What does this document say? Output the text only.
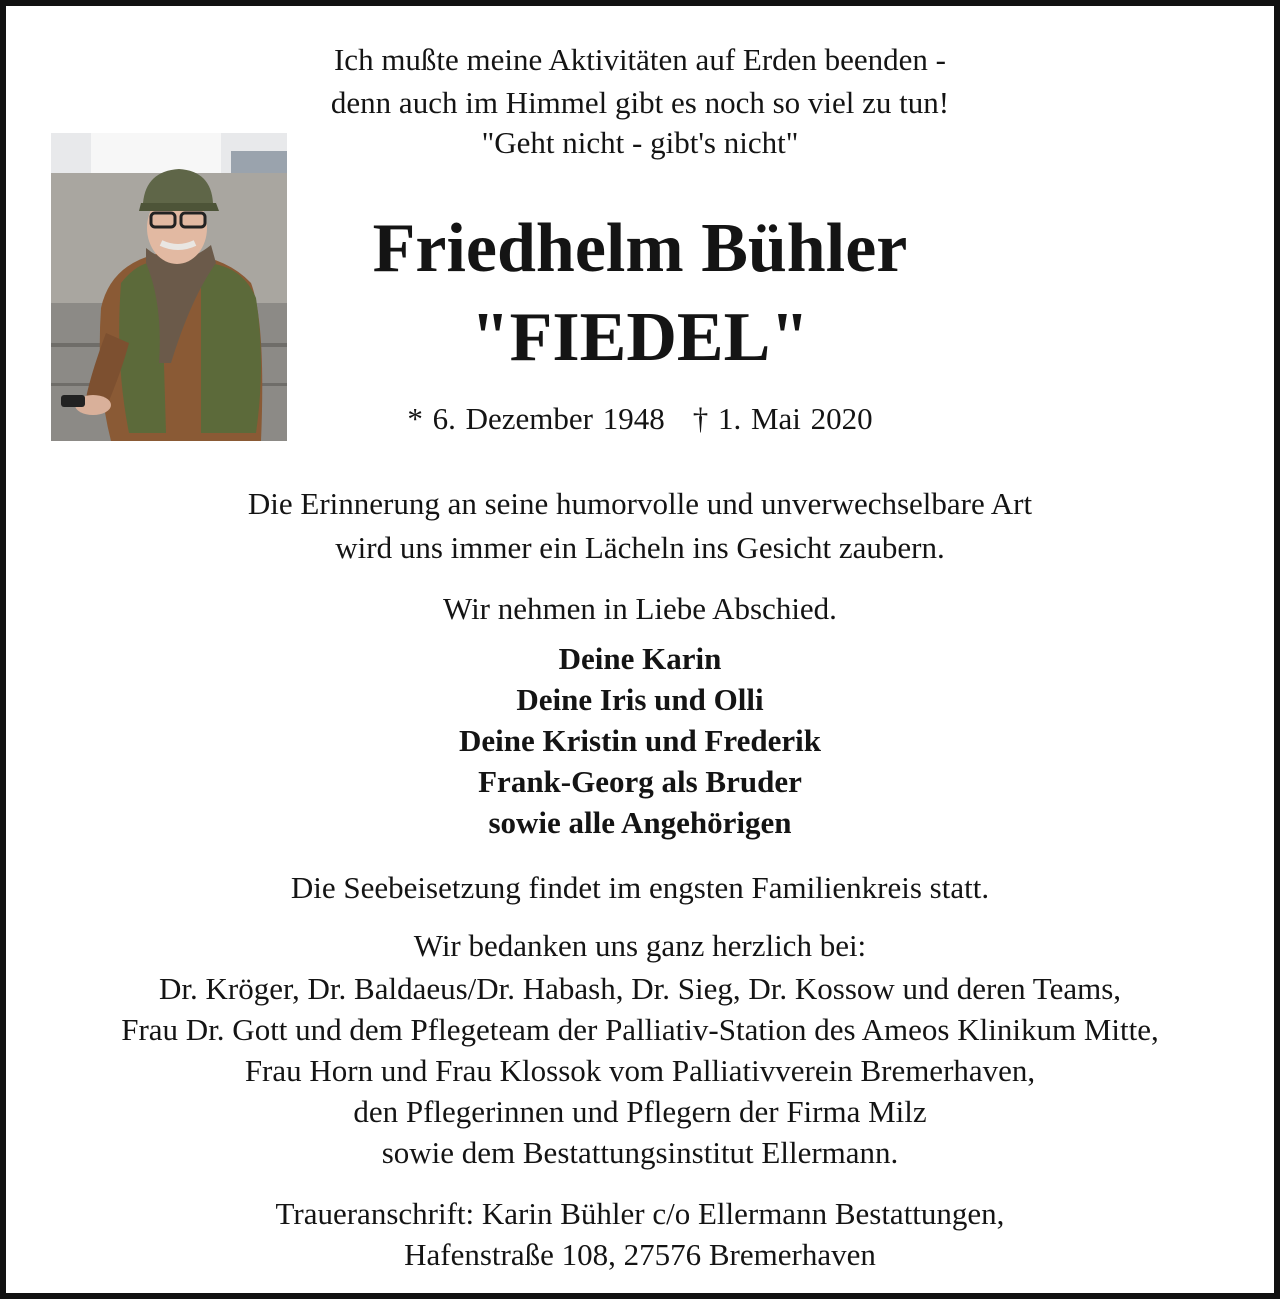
Ich mußte meine Aktivitäten auf Erden beenden -
denn auch im Himmel gibt es noch so viel zu tun!
"Geht nicht - gibt's nicht"
Friedhelm Bühler
"FIEDEL"
* 6. Dezember 1948 † 1. Mai 2020
Die Erinnerung an seine humorvolle und unverwechselbare Art
wird uns immer ein Lächeln ins Gesicht zaubern.
Wir nehmen in Liebe Abschied.
Deine Karin
Deine Iris und Olli
Deine Kristin und Frederik
Frank-Georg als Bruder
sowie alle Angehörigen
Die Seebeisetzung findet im engsten Familienkreis statt.
Wir bedanken uns ganz herzlich bei:
Dr. Kröger, Dr. Baldaeus/Dr. Habash, Dr. Sieg, Dr. Kossow und deren Teams,
Frau Dr. Gott und dem Pflegeteam der Palliativ-Station des Ameos Klinikum Mitte,
Frau Horn und Frau Klossok vom Palliativverein Bremerhaven,
den Pflegerinnen und Pflegern der Firma Milz
sowie dem Bestattungsinstitut Ellermann.
Traueranschrift: Karin Bühler c/o Ellermann Bestattungen,
Hafenstraße 108, 27576 Bremerhaven
